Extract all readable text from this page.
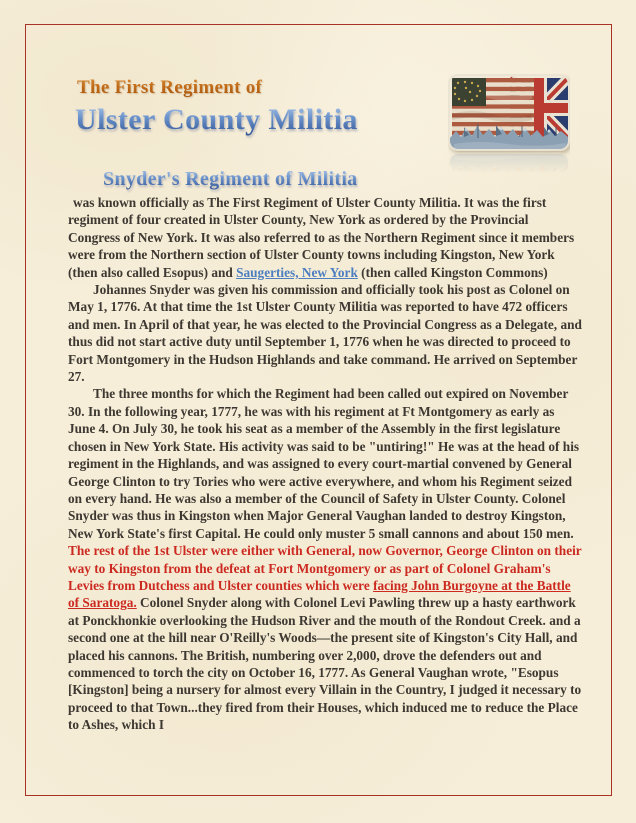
The First Regiment of
Ulster County Militia
Snyder's Regiment of Militia

was known officially as The First Regiment of Ulster County Militia. It was the first regiment of four created in Ulster County, New York as ordered by the Provincial Congress of New York. It was also referred to as the Northern Regiment since it members were from the Northern section of Ulster County towns including Kingston, New York (then also called Esopus) and Saugerties, New York (then called Kingston Commons)

Johannes Snyder was given his commission and officially took his post as Colonel on May 1, 1776. At that time the 1st Ulster County Militia was reported to have 472 officers and men. In April of that year, he was elected to the Provincial Congress as a Delegate, and thus did not start active duty until September 1, 1776 when he was directed to proceed to Fort Montgomery in the Hudson Highlands and take command. He arrived on September 27.

The three months for which the Regiment had been called out expired on November 30. In the following year, 1777, he was with his regiment at Ft Montgomery as early as June 4. On July 30, he took his seat as a member of the Assembly in the first legislature chosen in New York State. His activity was said to be "untiring!" He was at the head of his regiment in the Highlands, and was assigned to every court-martial convened by General George Clinton to try Tories who were active everywhere, and whom his Regiment seized on every hand. He was also a member of the Council of Safety in Ulster County. Colonel Snyder was thus in Kingston when Major General Vaughan landed to destroy Kingston, New York State's first Capital. He could only muster 5 small cannons and about 150 men. The rest of the 1st Ulster were either with General, now Governor, George Clinton on their way to Kingston from the defeat at Fort Montgomery or as part of Colonel Graham's Levies from Dutchess and Ulster counties which were facing John Burgoyne at the Battle of Saratoga. Colonel Snyder along with Colonel Levi Pawling threw up a hasty earthwork at Ponckhonkie overlooking the Hudson River and the mouth of the Rondout Creek. and a second one at the hill near O'Reilly's Woods—the present site of Kingston's City Hall, and placed his cannons. The British, numbering over 2,000, drove the defenders out and commenced to torch the city on October 16, 1777. As General Vaughan wrote, "Esopus [Kingston] being a nursery for almost every Villain in the Country, I judged it necessary to proceed to that Town...they fired from their Houses, which induced me to reduce the Place to Ashes, which I
